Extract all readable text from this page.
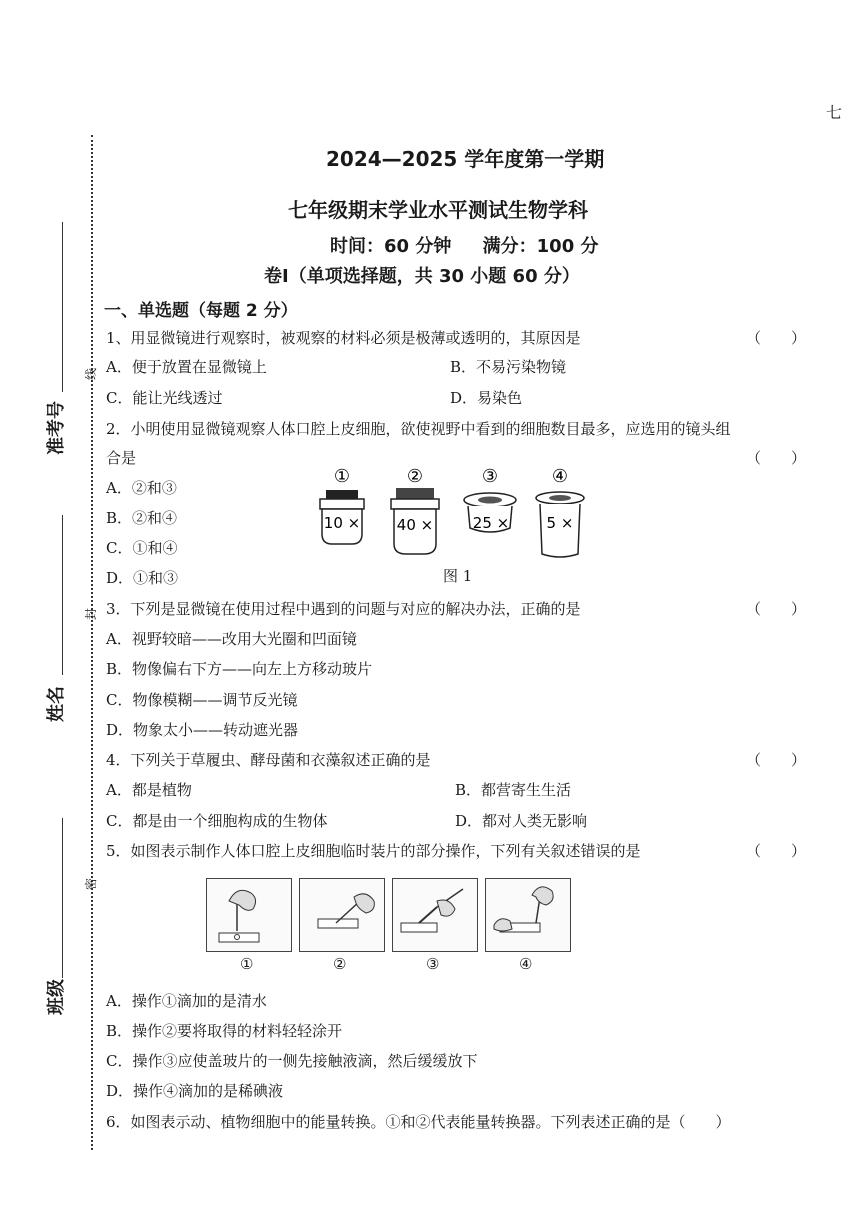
七
准考号
姓名
班级
线
封
密
2024—2025 学年度第一学期
七年级期末学业水平测试生物学科
时间：60 分钟     满分：100 分
卷Ⅰ（单项选择题，共 30 小题 60 分）
一、单选题（每题 2 分）
1、用显微镜进行观察时，被观察的材料必须是极薄或透明的，其原因是	（　　）
A．便于放置在显微镜上	B．不易污染物镜
C．能让光线透过	D．易染色
2．小明使用显微镜观察人体口腔上皮细胞，欲使视野中看到的细胞数目最多，应选用的镜头组
合是	（　　）
A．②和③
B．②和④
C．①和④
D．①和③
①
10 ×
②
40 ×
③
25 ×
④
5 ×
图 1
3．下列是显微镜在使用过程中遇到的问题与对应的解决办法，正确的是	（　　）
A．视野较暗——改用大光圈和凹面镜
B．物像偏右下方——向左上方移动玻片
C．物像模糊——调节反光镜
D．物象太小——转动遮光器
4．下列关于草履虫、酵母菌和衣藻叙述正确的是	（　　）
A．都是植物	B．都营寄生生活
C．都是由一个细胞构成的生物体	D．都对人类无影响
5．如图表示制作人体口腔上皮细胞临时装片的部分操作，下列有关叙述错误的是	（　　）
①	②	③	④
A．操作①滴加的是清水
B．操作②要将取得的材料轻轻涂开
C．操作③应使盖玻片的一侧先接触液滴，然后缓缓放下
D．操作④滴加的是稀碘液
6．如图表示动、植物细胞中的能量转换。①和②代表能量转换器。下列表述正确的是（　　）
